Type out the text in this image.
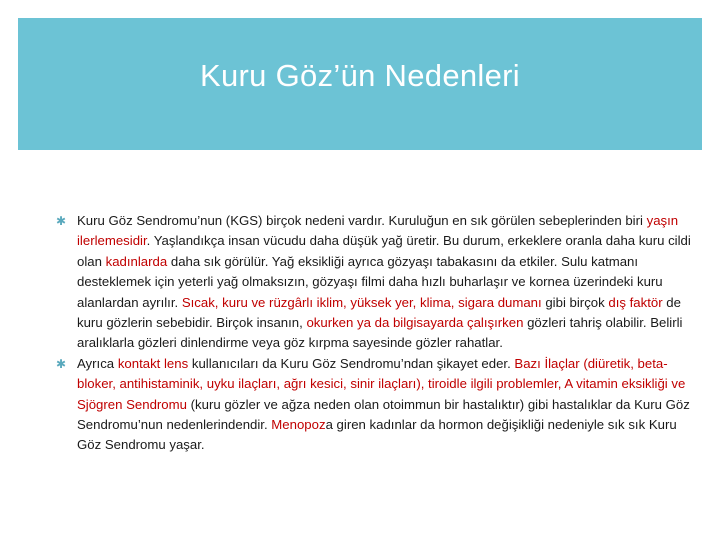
Kuru Göz’ün Nedenleri

✱ Kuru Göz Sendromu’nun (KGS) birçok nedeni vardır. Kuruluğun en sık görülen sebeplerinden biri yaşın ilerlemesidir. Yaşlandıkça insan vücudu daha düşük yağ üretir. Bu durum, erkeklere oranla daha kuru cildi olan kadınlarda daha sık görülür. Yağ eksikliği ayrıca gözyaşı tabakasını da etkiler. Sulu katmanı desteklemek için yeterli yağ olmaksızın, gözyaşı filmi daha hızlı buharlaşır ve kornea üzerindeki kuru alanlardan ayrılır. Sıcak, kuru ve rüzgârlı iklim, yüksek yer, klima, sigara dumanı gibi birçok dış faktör de kuru gözlerin sebebidir. Birçok insanın, okurken ya da bilgisayarda çalışırken gözleri tahriş olabilir. Belirli aralıklarla gözleri dinlendirme veya göz kırpma sayesinde gözler rahatlar.

✱ Ayrıca kontakt lens kullanıcıları da Kuru Göz Sendromu’ndan şikayet eder. Bazı İlaçlar (diüretik, beta-bloker, antihistaminik, uyku ilaçları, ağrı kesici, sinir ilaçları), tiroidle ilgili problemler, A vitamin eksikliği ve Sjögren Sendromu (kuru gözler ve ağza neden olan otoimmun bir hastalıktır) gibi hastalıklar da Kuru Göz Sendromu’nun nedenlerindendir. Menopoza giren kadınlar da hormon değişikliği nedeniyle sık sık Kuru Göz Sendromu yaşar.
